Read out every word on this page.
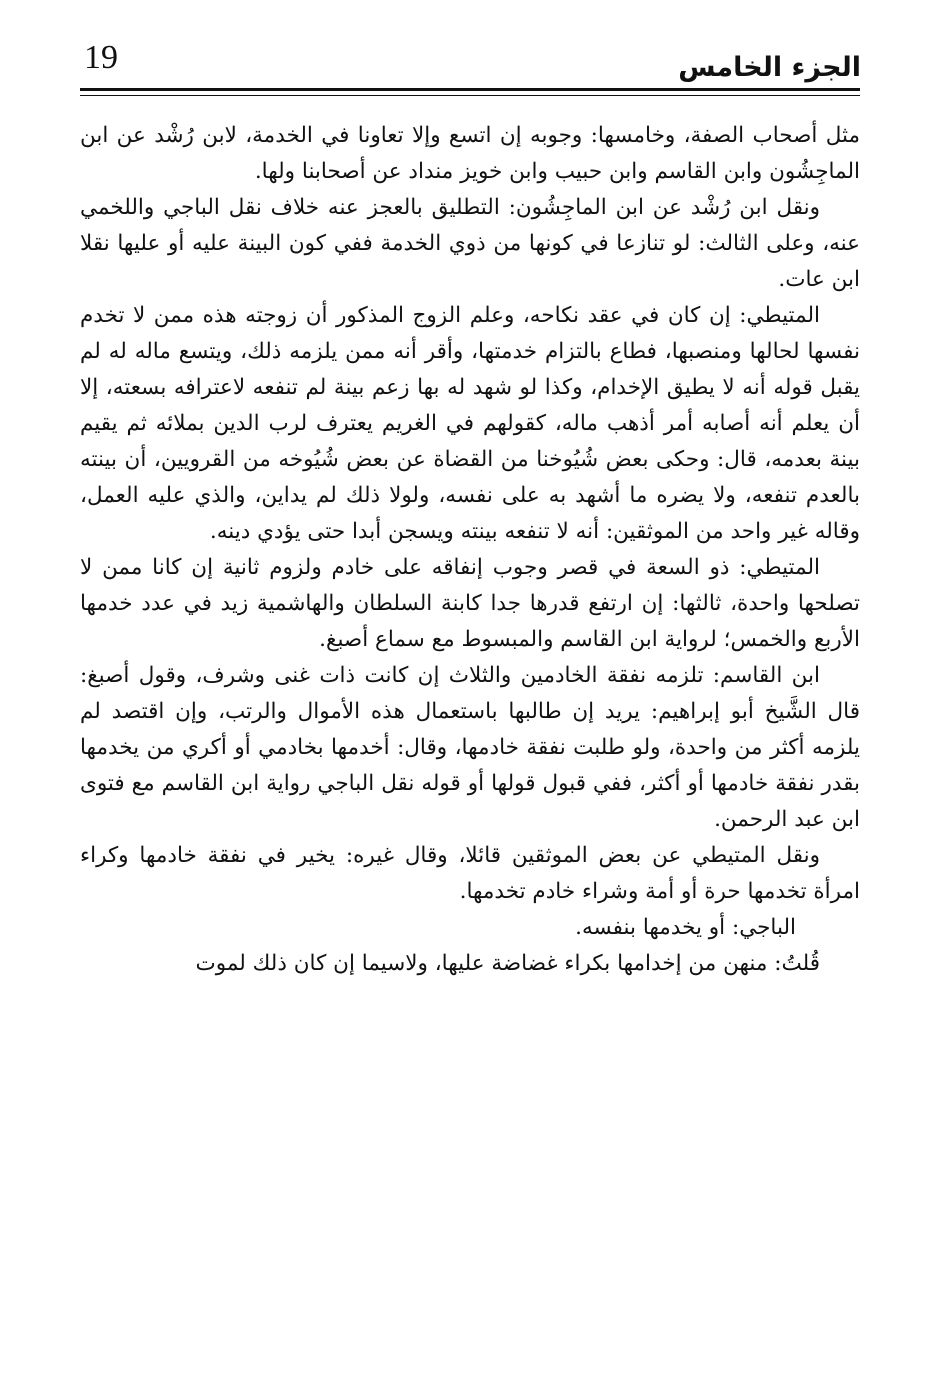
19	الجزء الخامس

مثل أصحاب الصفة، وخامسها: وجوبه إن اتسع وإلا تعاونا في الخدمة، لابن رُشْد عن ابن الماجِشُون وابن القاسم وابن حبيب وابن خويز منداد عن أصحابنا ولها.

ونقل ابن رُشْد عن ابن الماجِشُون: التطليق بالعجز عنه خلاف نقل الباجي واللخمي عنه، وعلى الثالث: لو تنازعا في كونها من ذوي الخدمة ففي كون البينة عليه أو عليها نقلا ابن عات.

المتيطي: إن كان في عقد نكاحه، وعلم الزوج المذكور أن زوجته هذه ممن لا تخدم نفسها لحالها ومنصبها، فطاع بالتزام خدمتها، وأقر أنه ممن يلزمه ذلك، ويتسع ماله له لم يقبل قوله أنه لا يطيق الإخدام، وكذا لو شهد له بها زعم بينة لم تنفعه لاعترافه بسعته، إلا أن يعلم أنه أصابه أمر أذهب ماله، كقولهم في الغريم يعترف لرب الدين بملائه ثم يقيم بينة بعدمه، قال: وحكى بعض شُيُوخنا من القضاة عن بعض شُيُوخه من القرويين، أن بينته بالعدم تنفعه، ولا يضره ما أشهد به على نفسه، ولولا ذلك لم يداين، والذي عليه العمل، وقاله غير واحد من الموثقين: أنه لا تنفعه بينته ويسجن أبدا حتى يؤدي دينه.

المتيطي: ذو السعة في قصر وجوب إنفاقه على خادم ولزوم ثانية إن كانا ممن لا تصلحها واحدة، ثالثها: إن ارتفع قدرها جدا كابنة السلطان والهاشمية زيد في عدد خدمها الأربع والخمس؛ لرواية ابن القاسم والمبسوط مع سماع أصبغ.

ابن القاسم: تلزمه نفقة الخادمين والثلاث إن كانت ذات غنى وشرف، وقول أصبغ: قال الشَّيخ أبو إبراهيم: يريد إن طالبها باستعمال هذه الأموال والرتب، وإن اقتصد لم يلزمه أكثر من واحدة، ولو طلبت نفقة خادمها، وقال: أخدمها بخادمي أو أكري من يخدمها بقدر نفقة خادمها أو أكثر، ففي قبول قولها أو قوله نقل الباجي رواية ابن القاسم مع فتوى ابن عبد الرحمن.

ونقل المتيطي عن بعض الموثقين قائلا، وقال غيره: يخير في نفقة خادمها وكراء امرأة تخدمها حرة أو أمة وشراء خادم تخدمها.

الباجي: أو يخدمها بنفسه.

قُلتُ: منهن من إخدامها بكراء غضاضة عليها، ولاسيما إن كان ذلك لموت
